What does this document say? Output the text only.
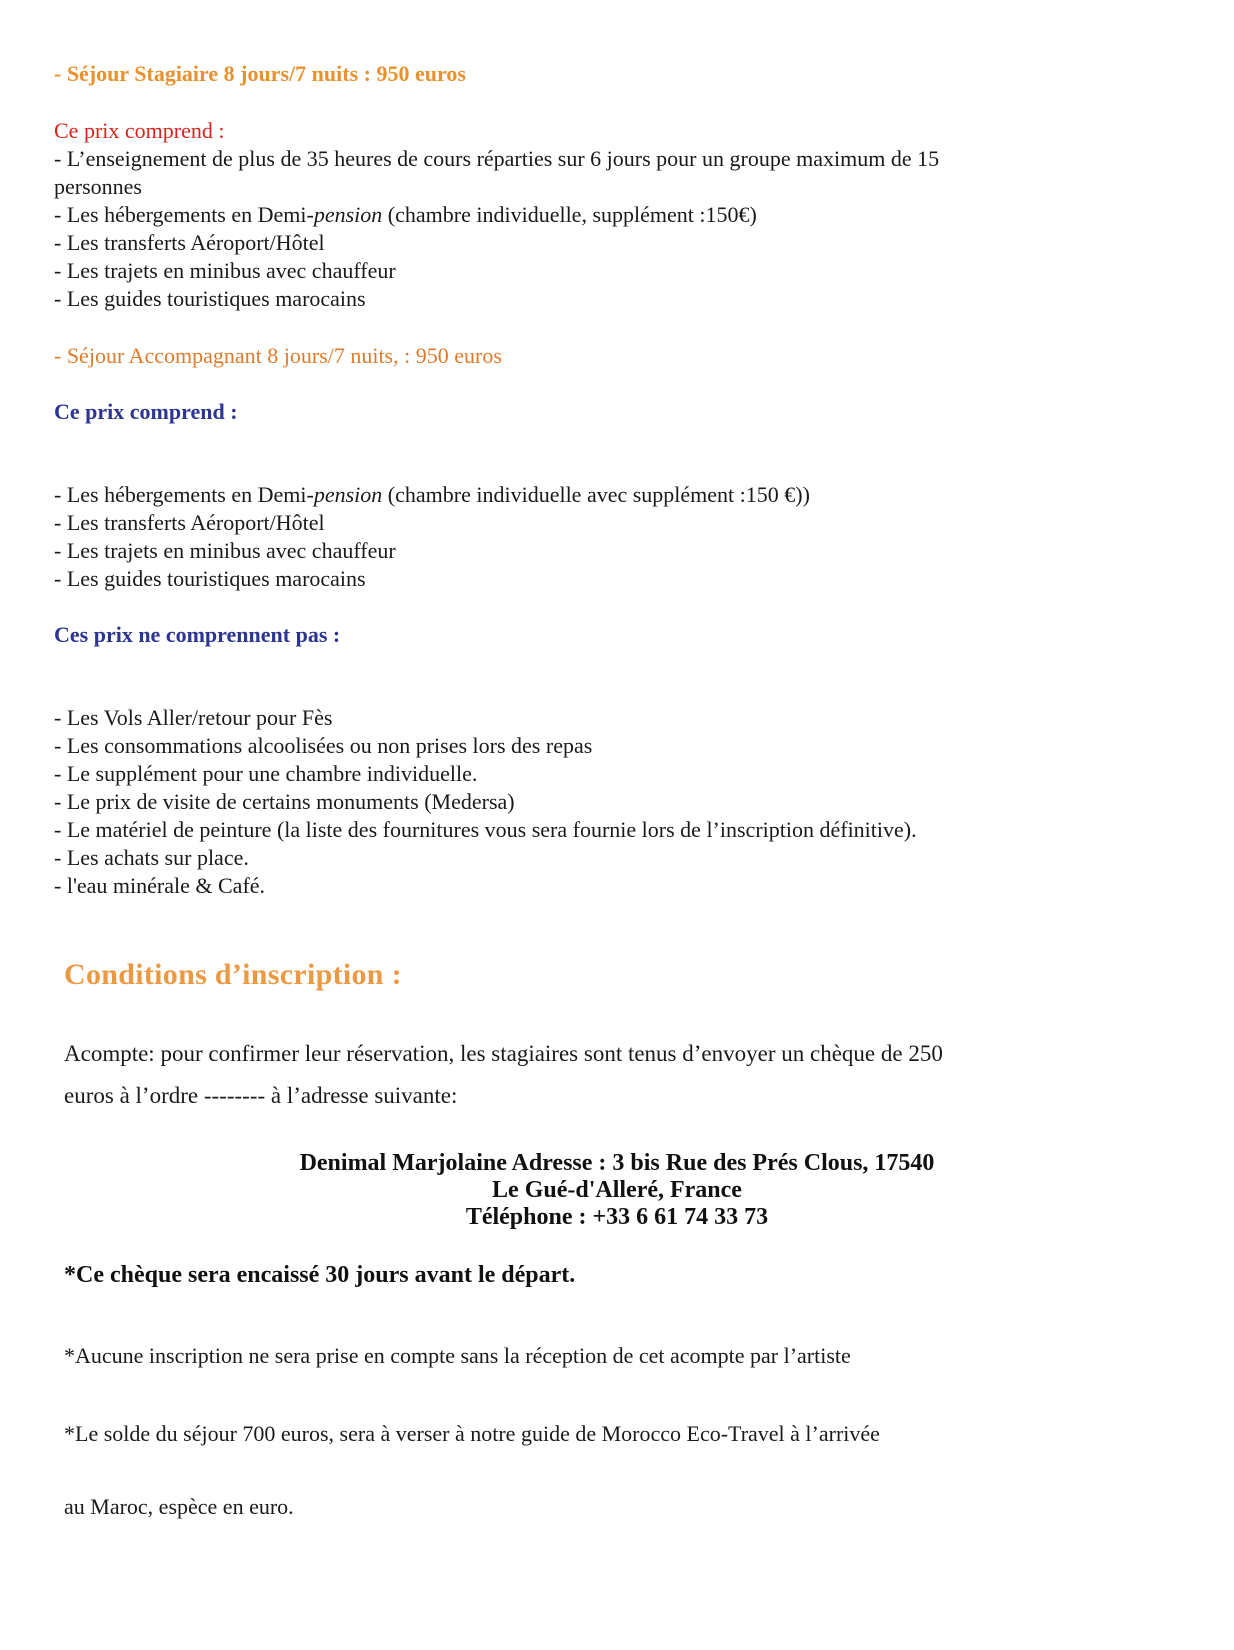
- Séjour Stagiaire 8 jours/7 nuits : 950 euros
Ce prix comprend :
- L’enseignement de plus de 35 heures de cours réparties sur 6 jours pour un groupe maximum de 15
personnes
- Les hébergements en Demi-pension (chambre individuelle, supplément :150€)
- Les transferts Aéroport/Hôtel
- Les trajets en minibus avec chauffeur
- Les guides touristiques marocains
- Séjour Accompagnant 8 jours/7 nuits, : 950 euros
Ce prix comprend :
- Les hébergements en Demi-pension (chambre individuelle avec supplément :150 €))
- Les transferts Aéroport/Hôtel
- Les trajets en minibus avec chauffeur
- Les guides touristiques marocains
Ces prix ne comprennent pas :
- Les Vols Aller/retour pour Fès
- Les consommations alcoolisées ou non prises lors des repas
- Le supplément pour une chambre individuelle.
- Le prix de visite de certains monuments (Medersa)
- Le matériel de peinture (la liste des fournitures vous sera fournie lors de l’inscription définitive).
- Les achats sur place.
- l'eau minérale & Café.
Conditions d’inscription :
Acompte: pour confirmer leur réservation, les stagiaires sont tenus d’envoyer un chèque de 250
euros à l’ordre -------- à l’adresse suivante:
Denimal Marjolaine Adresse : 3 bis Rue des Prés Clous, 17540
Le Gué-d'Alleré, France
Téléphone : +33 6 61 74 33 73
*Ce chèque sera encaissé 30 jours avant le départ.
*Aucune inscription ne sera prise en compte sans la réception de cet acompte par l’artiste
*Le solde du séjour 700 euros, sera à verser à notre guide de Morocco Eco-Travel à l’arrivée
au Maroc, espèce en euro.
